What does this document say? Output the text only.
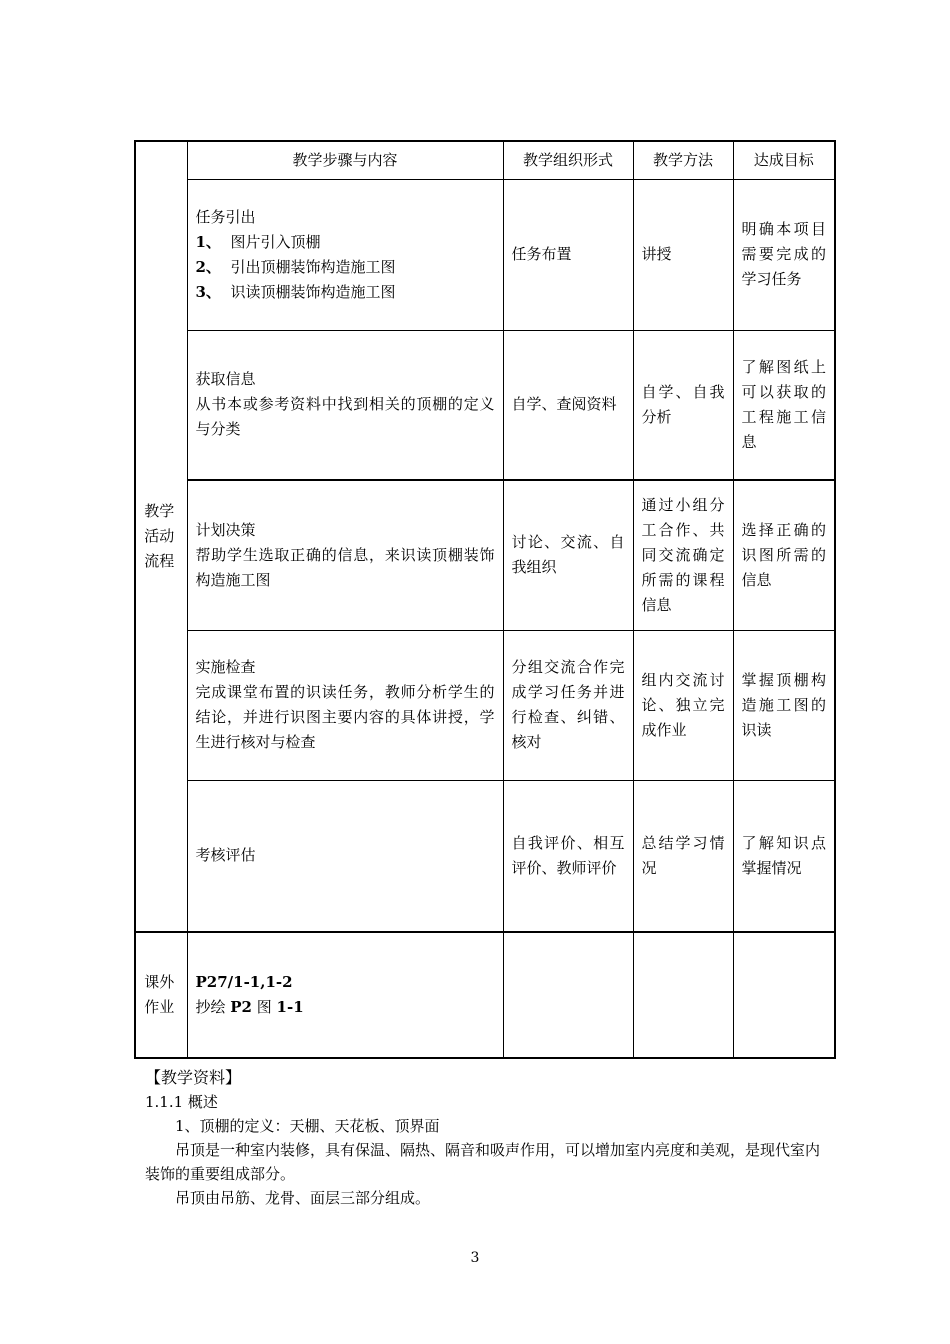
教学活动流程	教学步骤与内容	教学组织形式	教学方法	达成目标

	任务引出
1、 图片引入顶棚
2、 引出顶棚装饰构造施工图
3、 识读顶棚装饰构造施工图	任务布置	讲授	明确本项目需要完成的学习任务

	获取信息
从书本或参考资料中找到相关的顶棚的定义与分类	自学、查阅资料	自学、自我分析	了解图纸上可以获取的工程施工信息

	计划决策
帮助学生选取正确的信息，来识读顶棚装饰构造施工图	讨论、交流、自我组织	通过小组分工合作、共同交流确定所需的课程信息	选择正确的识图所需的信息

	实施检查
完成课堂布置的识读任务，教师分析学生的结论，并进行识图主要内容的具体讲授，学生进行核对与检查	分组交流合作完成学习任务并进行检查、纠错、核对	组内交流讨论、独立完成作业	掌握顶棚构造施工图的识读

	考核评估	自我评价、相互评价、教师评价	总结学习情况	了解知识点掌握情况

课外作业	P27/1-1,1-2
抄绘 P2 图 1-1			

【教学资料】

1.1.1 概述

1、顶棚的定义：天棚、天花板、顶界面

吊顶是一种室内装修，具有保温、隔热、隔音和吸声作用，可以增加室内亮度和美观，是现代室内装饰的重要组成部分。

吊顶由吊筋、龙骨、面层三部分组成。

3
